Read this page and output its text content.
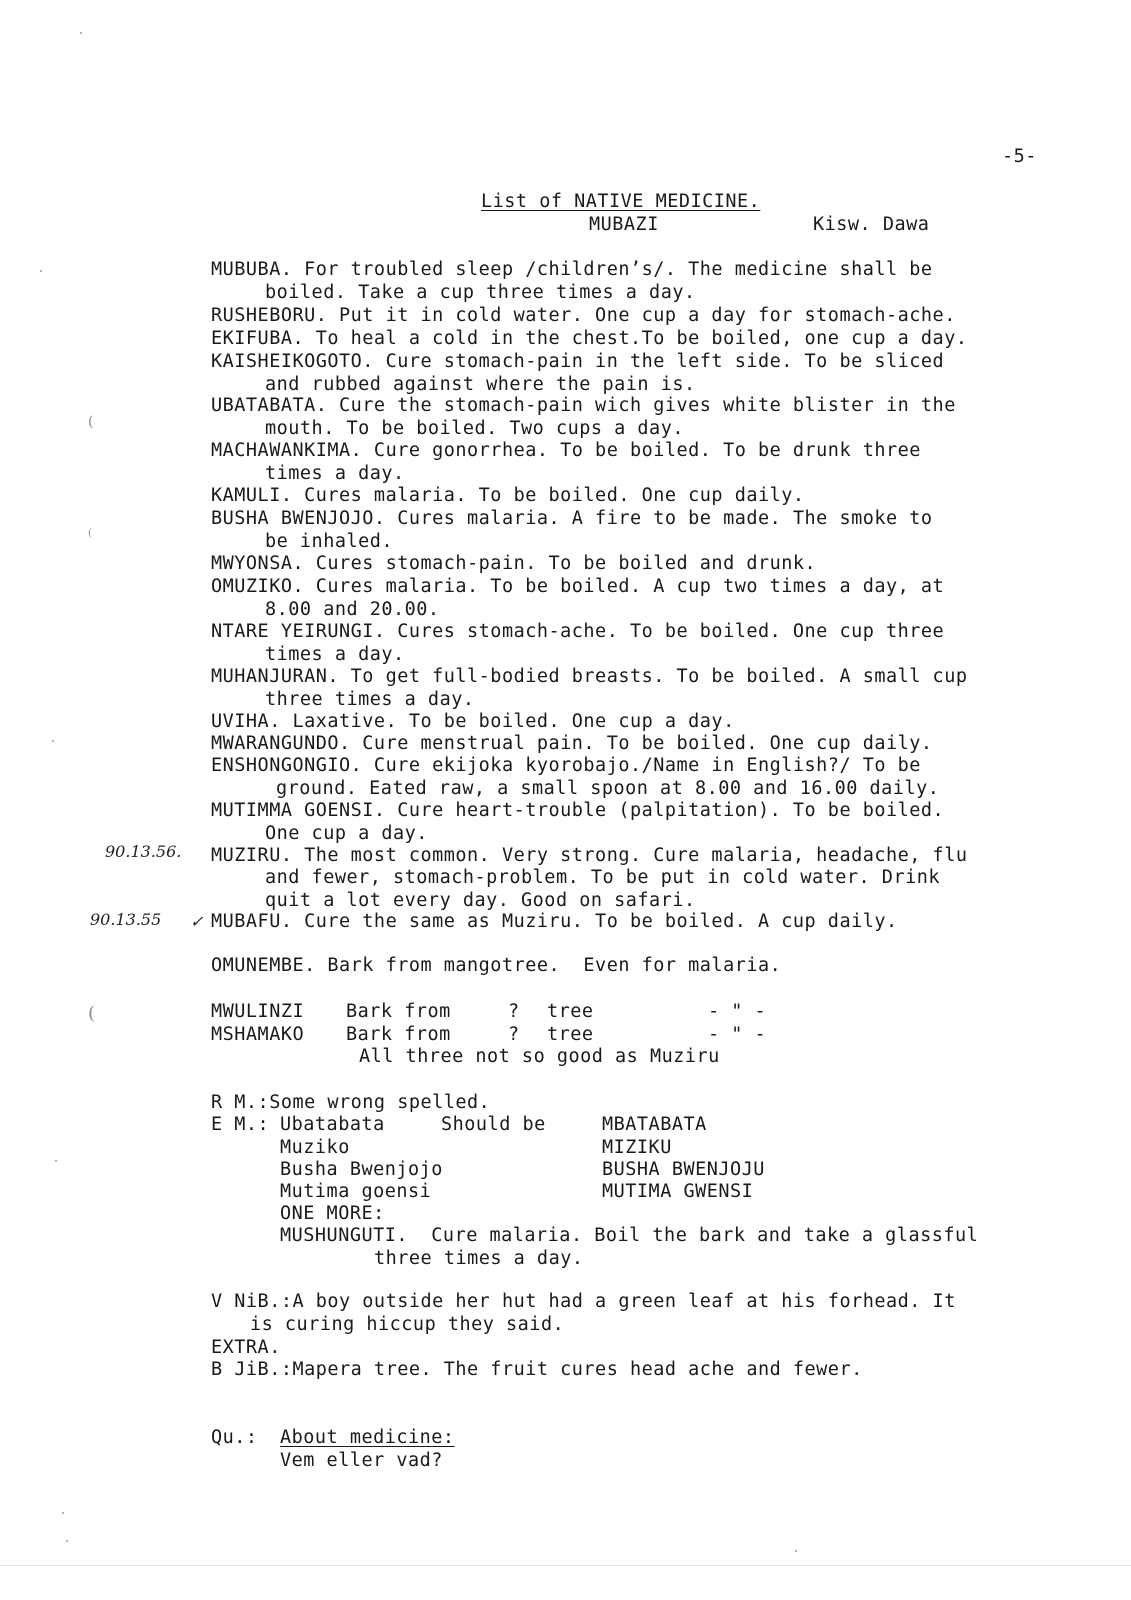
-5-
List of NATIVE MEDICINE.
MUBAZI	Kisw. Dawa
MUBUBA. For troubled sleep /children’s/. The medicine shall be
boiled. Take a cup three times a day.
RUSHEBORU. Put it in cold water. One cup a day for stomach-ache.
EKIFUBA. To heal a cold in the chest.To be boiled, one cup a day.
KAISHEIKOGOTO. Cure stomach-pain in the left side. To be sliced
and rubbed against where the pain is.
UBATABATA. Cure the stomach-pain wich gives white blister in the
mouth. To be boiled. Two cups a day.
MACHAWANKIMA. Cure gonorrhea. To be boiled. To be drunk three
times a day.
KAMULI. Cures malaria. To be boiled. One cup daily.
BUSHA BWENJOJO. Cures malaria. A fire to be made. The smoke to
be inhaled.
MWYONSA. Cures stomach-pain. To be boiled and drunk.
OMUZIKO. Cures malaria. To be boiled. A cup two times a day, at
8.00 and 20.00.
NTARE YEIRUNGI. Cures stomach-ache. To be boiled. One cup three
times a day.
MUHANJURAN. To get full-bodied breasts. To be boiled. A small cup
three times a day.
UVIHA. Laxative. To be boiled. One cup a day.
MWARANGUNDO. Cure menstrual pain. To be boiled. One cup daily.
ENSHONGONGIO. Cure ekijoka kyorobajo./Name in English?/ To be
ground. Eated raw, a small spoon at 8.00 and 16.00 daily.
MUTIMMA GOENSI. Cure heart-trouble (palpitation). To be boiled.
One cup a day.
MUZIRU. The most common. Very strong. Cure malaria, headache, flu
and fewer, stomach-problem. To be put in cold water. Drink
quit a lot every day. Good on safari.
MUBAFU. Cure the same as Muziru. To be boiled. A cup daily.
90.13.56.
90.13.55 ✓
OMUNEMBE. Bark from mangotree.  Even for malaria.
MWULINZI Bark from	? tree	- " -
MSHAMAKO Bark from	? tree	- " -
All three not so good as Muziru
R M.:Some wrong spelled.
E M.: Ubatabata	Should be	MBATABATA
Muziko	MIZIKU
Busha Bwenjojo	BUSHA BWENJOJU
Mutima goensi	MUTIMA GWENSI
ONE MORE:
MUSHUNGUTI.  Cure malaria. Boil the bark and take a glassful
three times a day.
V NiB.:A boy outside her hut had a green leaf at his forhead. It
is curing hiccup they said.
EXTRA.
B JiB.:Mapera tree. The fruit cures head ache and fewer.
Qu.: About medicine:
Vem eller vad?
(
(
(
